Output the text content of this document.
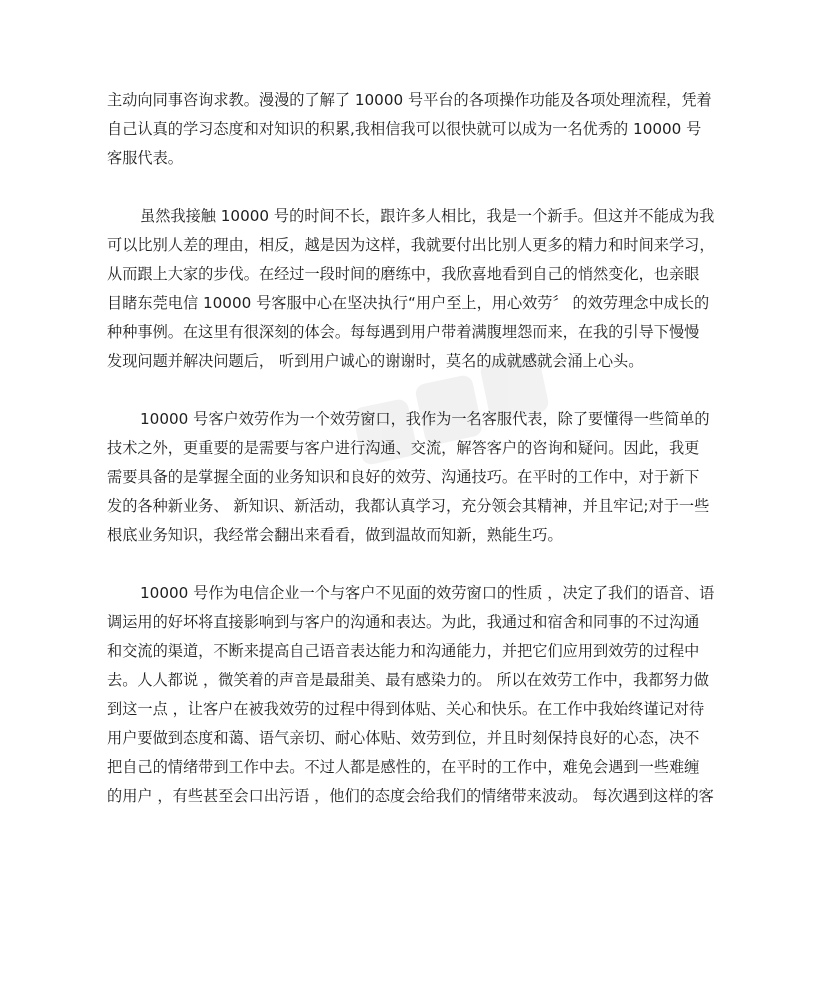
主动向同事咨询求教。漫漫的了解了 10000 号平台的各项操作功能及各项处理流程，凭着
自己认真的学习态度和对知识的积累,我相信我可以很快就可以成为一名优秀的 10000 号
客服代表。
虽然我接触 10000 号的时间不长，跟许多人相比，我是一个新手。但这并不能成为我
可以比别人差的理由，相反，越是因为这样，我就要付出比别人更多的精力和时间来学习，
从而跟上大家的步伐。在经过一段时间的磨练中，我欣喜地看到自己的悄然变化，也亲眼
目睹东莞电信 10000 号客服中心在坚决执行“用户至上，用心效劳〞 的效劳理念中成长的
种种事例。在这里有很深刻的体会。每每遇到用户带着满腹埋怨而来，在我的引导下慢慢
发现问题并解决问题后， 听到用户诚心的谢谢时，莫名的成就感就会涌上心头。
10000 号客户效劳作为一个效劳窗口，我作为一名客服代表，除了要懂得一些简单的
技术之外，更重要的是需要与客户进行沟通、交流，解答客户的咨询和疑问。因此，我更
需要具备的是掌握全面的业务知识和良好的效劳、沟通技巧。在平时的工作中，对于新下
发的各种新业务、 新知识、新活动，我都认真学习，充分领会其精神，并且牢记;对于一些
根底业务知识，我经常会翻出来看看，做到温故而知新，熟能生巧。
10000 号作为电信企业一个与客户不见面的效劳窗口的性质 ，决定了我们的语音、语
调运用的好坏将直接影响到与客户的沟通和表达。为此，我通过和宿舍和同事的不过沟通
和交流的渠道，不断来提高自己语音表达能力和沟通能力，并把它们应用到效劳的过程中
去。人人都说 ，微笑着的声音是最甜美、最有感染力的。 所以在效劳工作中，我都努力做
到这一点 ，让客户在被我效劳的过程中得到体贴、关心和快乐。在工作中我始终谨记对待
用户要做到态度和蔼、语气亲切、耐心体贴、效劳到位，并且时刻保持良好的心态，决不
把自己的情绪带到工作中去。不过人都是感性的，在平时的工作中，难免会遇到一些难缠
的用户 ，有些甚至会口出污语 ，他们的态度会给我们的情绪带来波动。 每次遇到这样的客
